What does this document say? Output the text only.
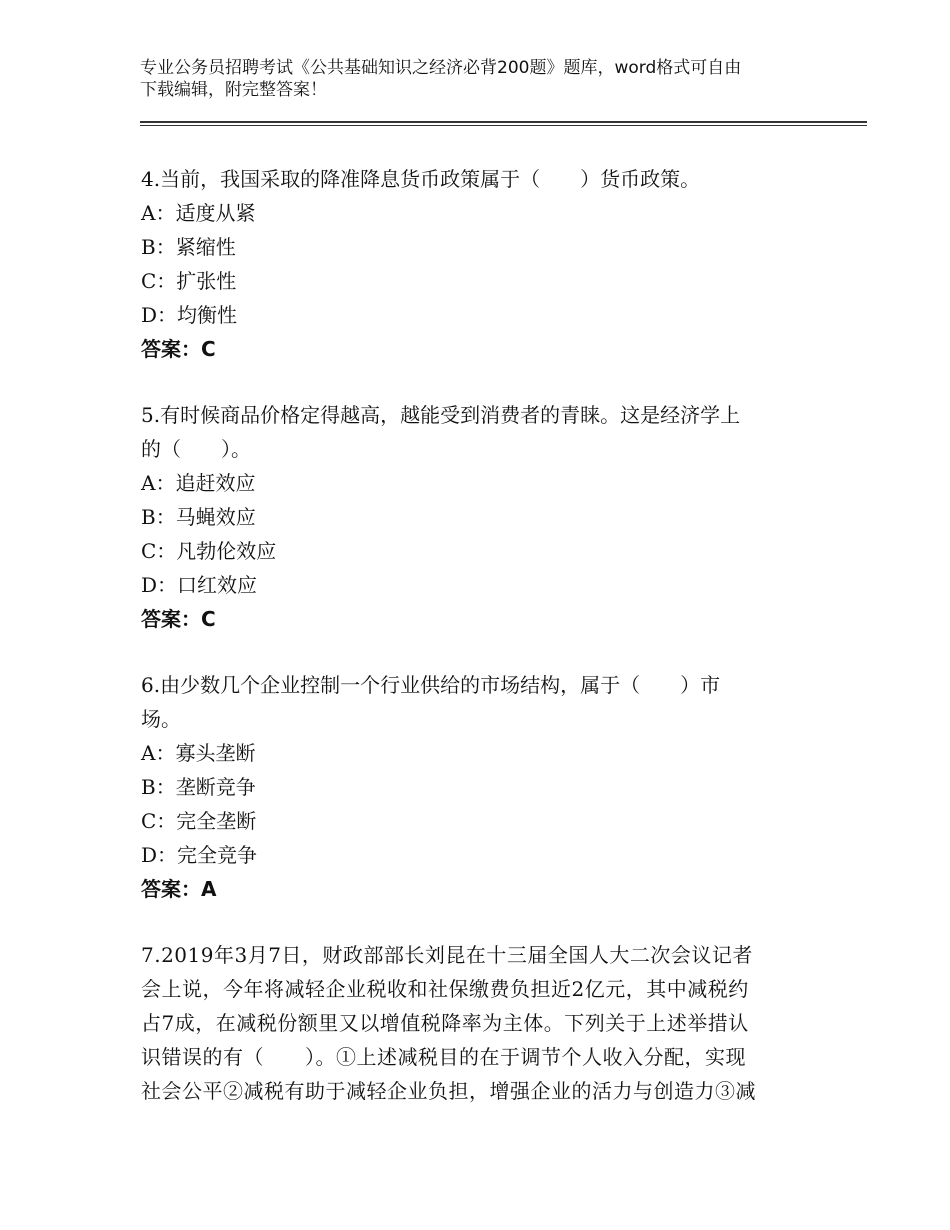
专业公务员招聘考试《公共基础知识之经济必背200题》题库，word格式可自由
下载编辑，附完整答案！
4.当前，我国采取的降准降息货币政策属于（　　）货币政策。
A：适度从紧
B：紧缩性
C：扩张性
D：均衡性
答案：C
5.有时候商品价格定得越高，越能受到消费者的青睐。这是经济学上
的（　　）。
A：追赶效应
B：马蝇效应
C：凡勃伦效应
D：口红效应
答案：C
6.由少数几个企业控制一个行业供给的市场结构，属于（　　）市
场。
A：寡头垄断
B：垄断竞争
C：完全垄断
D：完全竞争
答案：A
7.2019年3月7日，财政部部长刘昆在十三届全国人大二次会议记者
会上说，今年将减轻企业税收和社保缴费负担近2亿元，其中减税约
占7成，在减税份额里又以增值税降率为主体。下列关于上述举措认
识错误的有（　　）。①上述减税目的在于调节个人收入分配，实现
社会公平②减税有助于减轻企业负担，增强企业的活力与创造力③减
